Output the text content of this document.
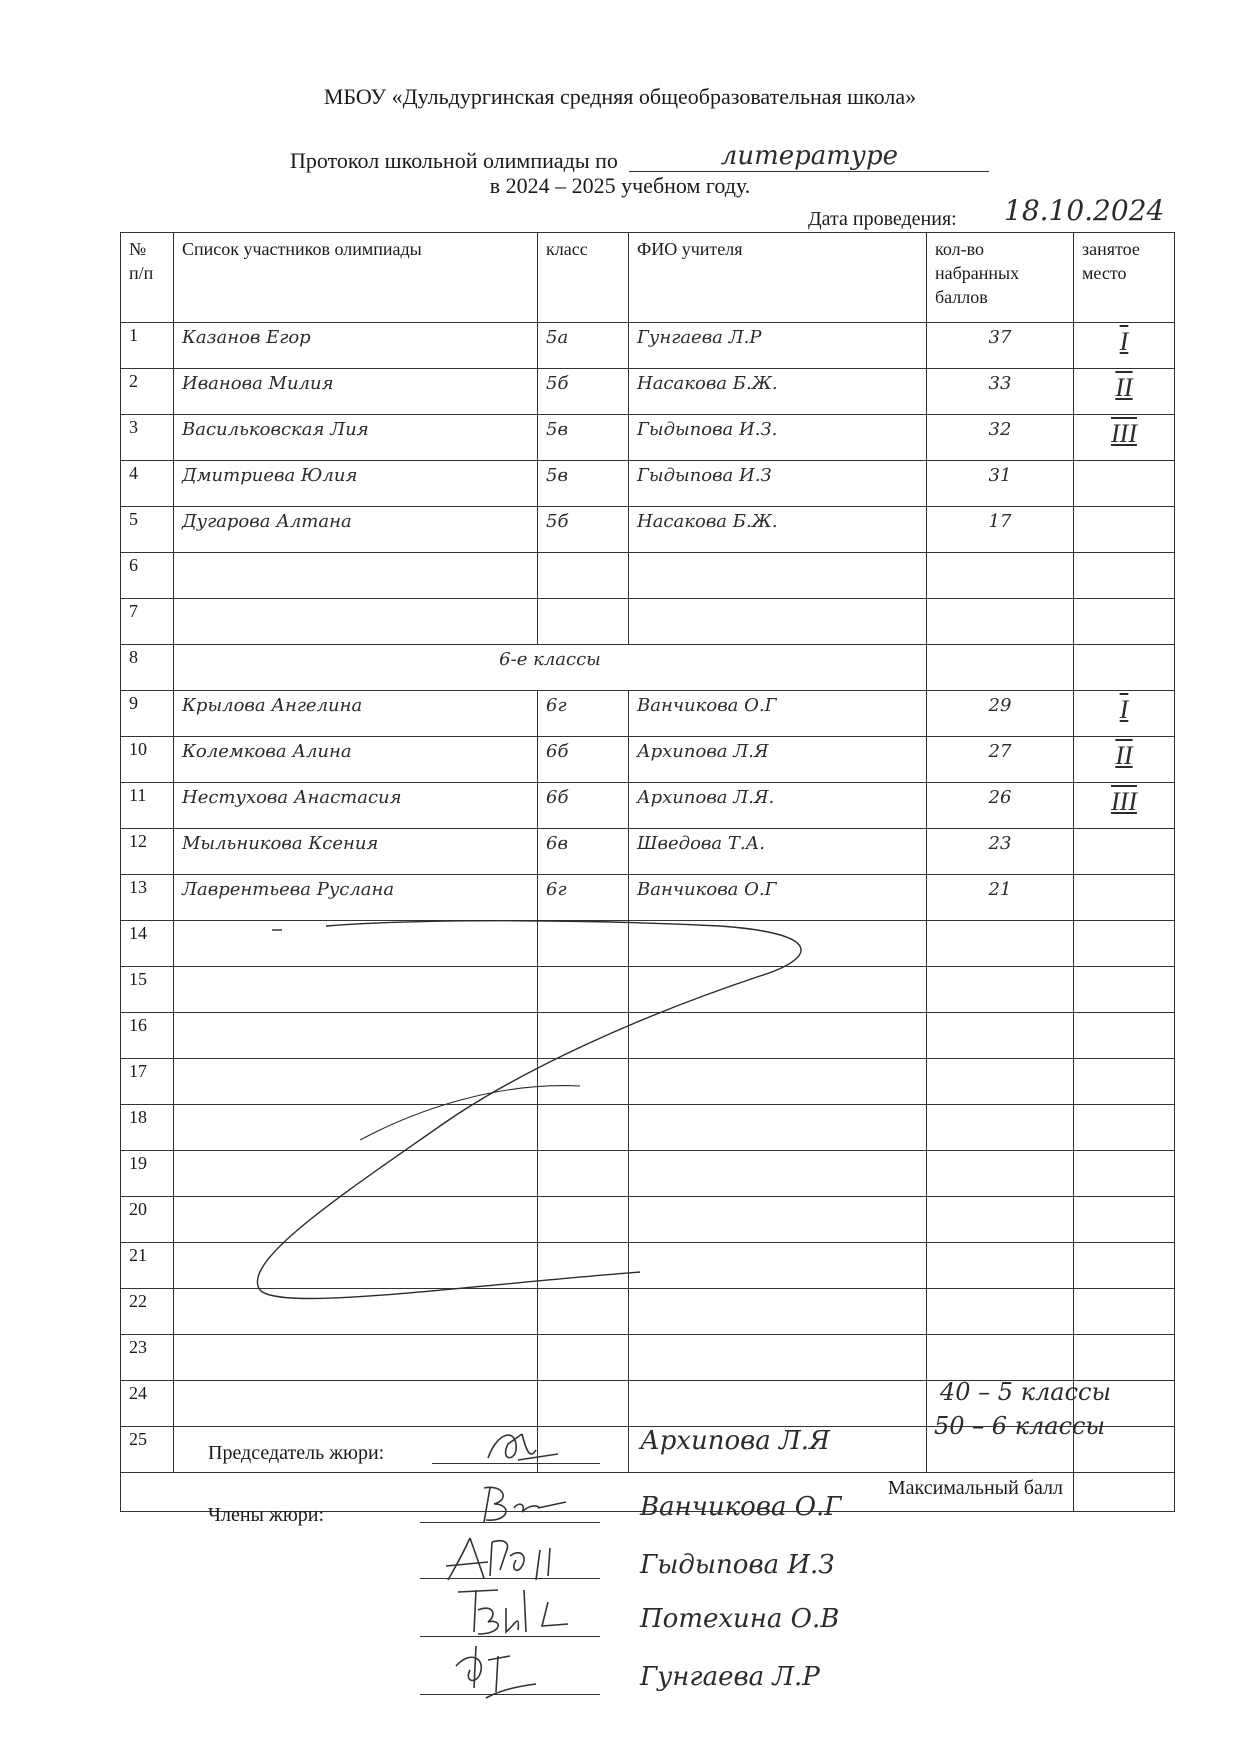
МБОУ «Дульдургинская средняя общеобразовательная школа»
Протокол школьной олимпиады по	литературе
в 2024 – 2025 учебном году.
Дата проведения: 18.10.2024
№ п/п	Список участников олимпиады	класс	ФИО учителя	кол-во набранных баллов	занятое место
1	Казанов Егор	5а	Гунгаева Л.Р	37	I
2	Иванова Милия	5б	Насакова Б.Ж.	33	II
3	Васильковская Лия	5в	Гыдыпова И.З.	32	III
4	Дмитриева Юлия	5в	Гыдыпова И.З	31	
5	Дугарова Алтана	5б	Насакова Б.Ж.	17	
6					
7					
8	6-е классы				
9	Крылова Ангелина	6г	Ванчикова О.Г	29	I
10	Колемкова Алина	6б	Архипова Л.Я	27	II
11	Нестухова Анастасия	6б	Архипова Л.Я.	26	III
12	Мыльникова Ксения	6в	Шведова Т.А.	23	
13	Лаврентьева Руслана	6г	Ванчикова О.Г	21	
14					
15					
16					
17					
18					
19					
20					
21					
22					
23					
24					
25					
Максимальный балл					
40 – 5 классы
50 – 6 классы
Председатель жюри:	Архипова Л.Я
Члены жюри:	Ванчикова О.Г
Гыдыпова И.З
Потехина О.В
Гунгаева Л.Р
